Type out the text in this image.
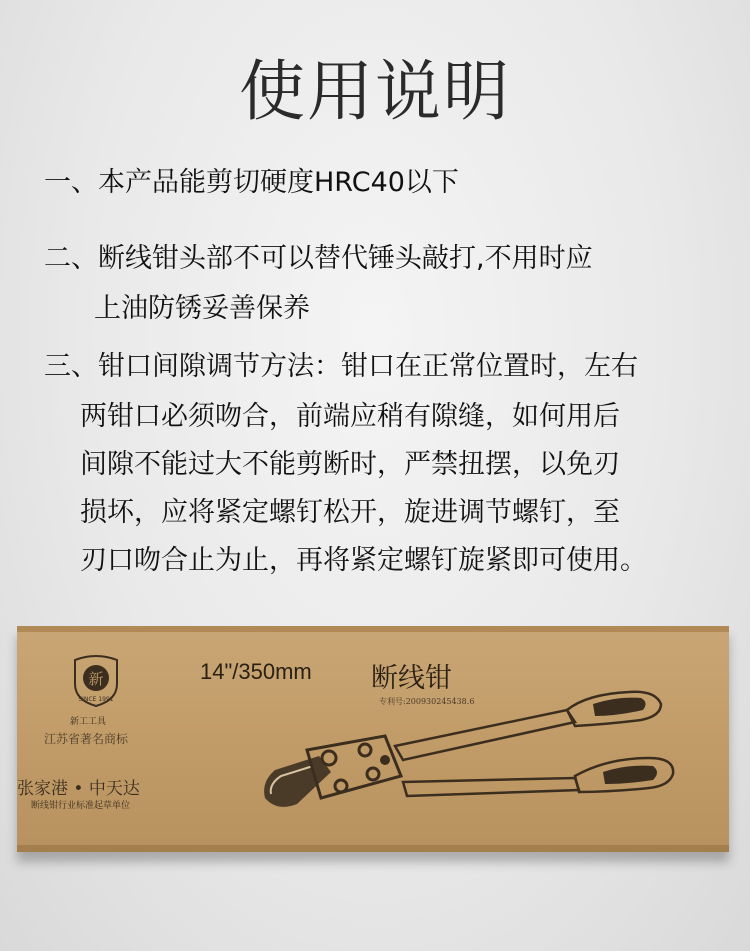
使用说明
一、本产品能剪切硬度HRC40以下
二、断线钳头部不可以替代锤头敲打,不用时应
上油防锈妥善保养
三、钳口间隙调节方法：钳口在正常位置时，左右
两钳口必须吻合，前端应稍有隙缝，如何用后
间隙不能过大不能剪断时，严禁扭摆，以免刃
损坏，应将紧定螺钉松开，旋进调节螺钉，至
刃口吻合止为止，再将紧定螺钉旋紧即可使用。
新
SINCE 1991
新工工具
江苏省著名商标
张家港 • 中天达
断线钳行业标准起草单位
14"/350mm 断线钳
专利号:200930245438.6
